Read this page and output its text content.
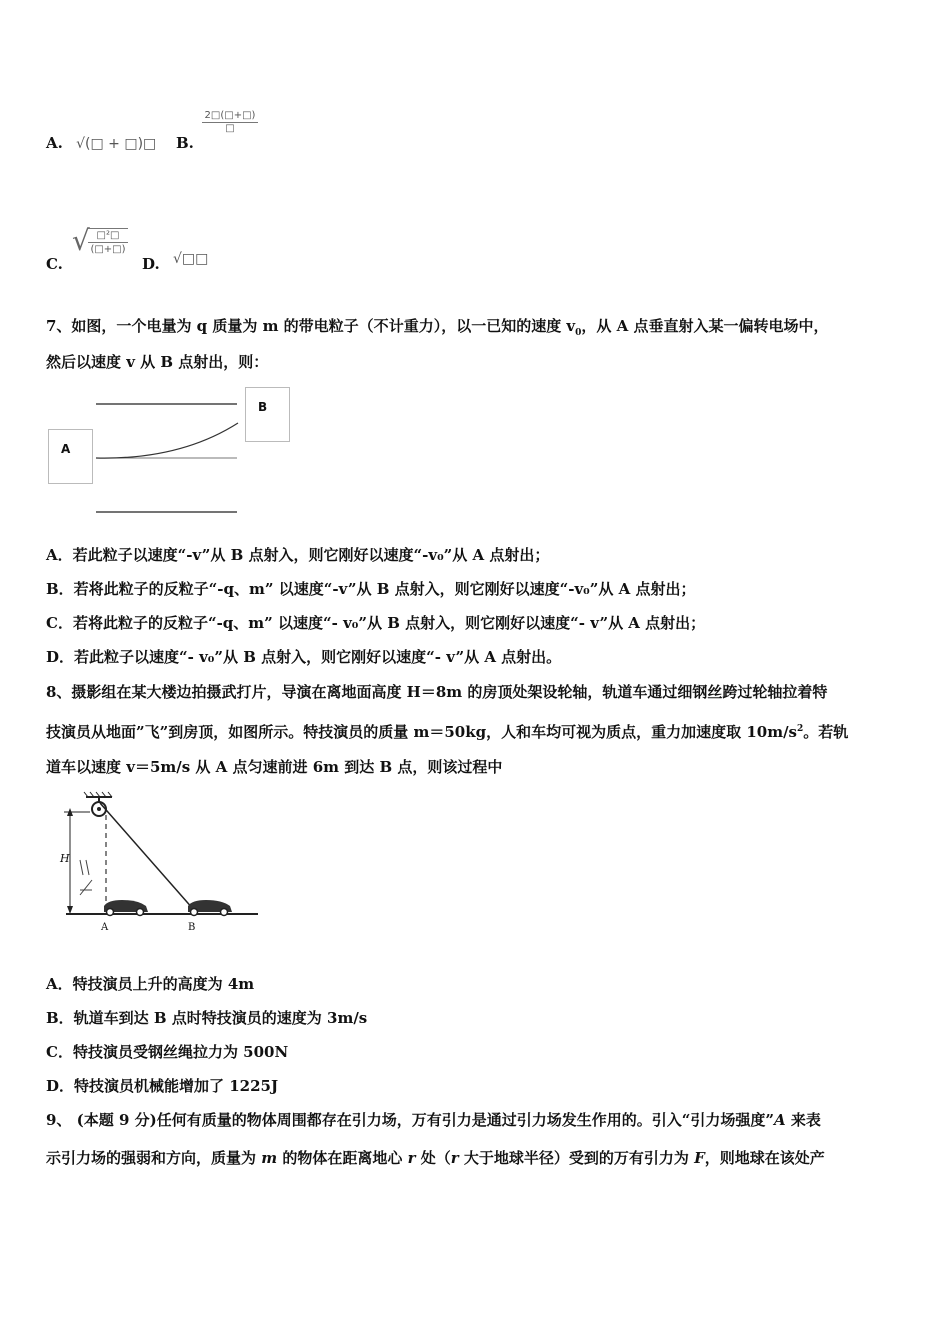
A. √(□ + □)□ B.
2□(□+□)
□
C.
√ □²□
(□+□)
D. √□□
7、如图，一个电量为 q 质量为 m 的带电粒子（不计重力），以一已知的速度 $v_0$，从 A 点垂直射入某一偏转电场中，
然后以速度 v 从 B 点射出，则：
A
B
A．若此粒子以速度“-v”从 B 点射入，则它刚好以速度“-v₀”从 A 点射出；
B．若将此粒子的反粒子“-q、m” 以速度“-v”从 B 点射入，则它刚好以速度“-v₀”从 A 点射出；
C．若将此粒子的反粒子“-q、m” 以速度“- v₀”从 B 点射入，则它刚好以速度“- v”从 A 点射出；
D．若此粒子以速度“- v₀”从 B 点射入，则它刚好以速度“- v”从 A 点射出。
8、摄影组在某大楼边拍摄武打片，导演在离地面高度 H＝8m 的房顶处架设轮轴，轨道车通过细钢丝跨过轮轴拉着特
技演员从地面”飞”到房顶，如图所示。特技演员的质量 m＝50kg，人和车均可视为质点，重力加速度取 $10m/s^2$。若轨
道车以速度 v＝5m/s 从 A 点匀速前进 6m 到达 B 点，则该过程中
H
A	B
A．特技演员上升的高度为 4m
B．轨道车到达 B 点时特技演员的速度为 3m/s
C．特技演员受钢丝绳拉力为 500N
D．特技演员机械能增加了 1225J
9、 (本题 9 分)任何有质量的物体周围都存在引力场，万有引力是通过引力场发生作用的。引入“引力场强度”A 来表
示引力场的强弱和方向，质量为 m 的物体在距离地心 r 处（r 大于地球半径）受到的万有引力为 F，则地球在该处产
